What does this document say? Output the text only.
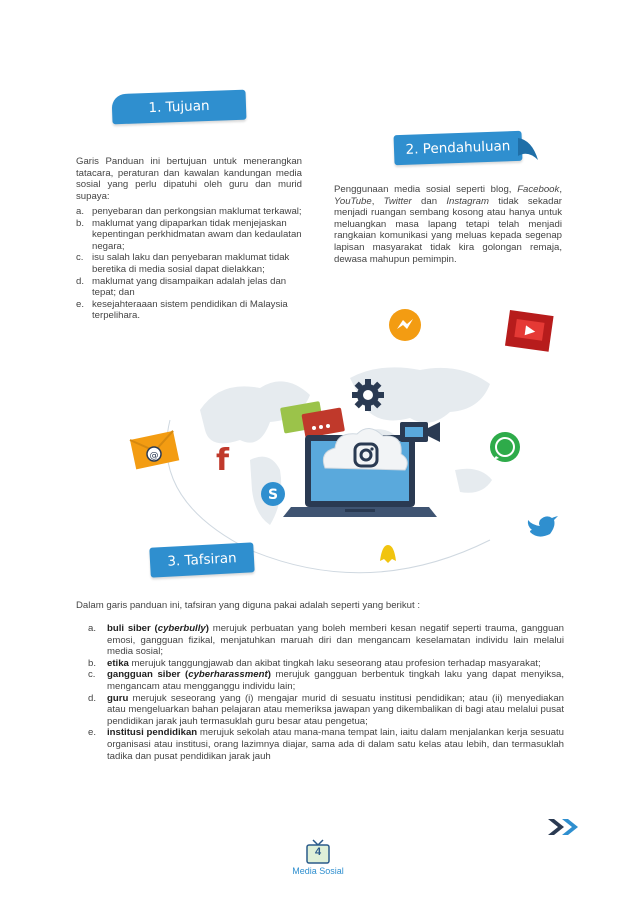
1. Tujuan

Garis Panduan ini bertujuan untuk menerangkan tatacara, peraturan dan kawalan kandungan media sosial yang perlu dipatuhi oleh guru dan murid supaya:

a. penyebaran dan perkongsian maklumat terkawal;
b. maklumat yang dipaparkan tidak menjejaskan kepentingan perkhidmatan awam dan kedaulatan negara;
c. isu salah laku dan penyebaran maklumat tidak beretika di media sosial dapat dielakkan;
d. maklumat yang disampaikan adalah jelas dan tepat; dan
e. kesejahteraaan sistem pendidikan di Malaysia terpelihara.
2. Pendahuluan

Penggunaan media sosial seperti blog, Facebook, YouTube, Twitter dan Instagram tidak sekadar menjadi ruangan sembang kosong atau hanya untuk meluangkan masa lapang tetapi telah menjadi rangkaian komunikasi yang meluas kepada segenap lapisan masyarakat tidak kira golongan remaja, dewasa mahupun pemimpin.

@ f
S
3. Tafsiran

Dalam garis panduan ini, tafsiran yang diguna pakai adalah seperti yang berikut :

a.	buli siber (cyberbully) merujuk perbuatan yang boleh memberi kesan negatif seperti trauma, gangguan emosi, gangguan fizikal, menjatuhkan maruah diri dan mengancam keselamatan individu lain melalui media sosial;
b.	etika merujuk tanggungjawab dan akibat tingkah laku seseorang atau profesion terhadap masyarakat;
c.	gangguan siber (cyberharassment) merujuk gangguan berbentuk tingkah laku yang dapat menyiksa, mengancam atau mengganggu individu lain;
d.	guru merujuk seseorang yang (i) mengajar murid di sesuatu institusi pendidikan; atau (ii) menyediakan atau mengeluarkan bahan pelajaran atau memeriksa jawapan yang dikembalikan di bagi atau melalui pusat pendidikan jarak jauh termasuklah guru besar atau pengetua;
e.	institusi pendidikan merujuk sekolah atau mana-mana tempat lain, iaitu dalam menjalankan kerja sesuatu organisasi atau institusi, orang lazimnya diajar, sama ada di dalam satu kelas atau lebih, dan termasuklah tadika dan pusat pendidikan jarak jauh
4
Media Sosial
